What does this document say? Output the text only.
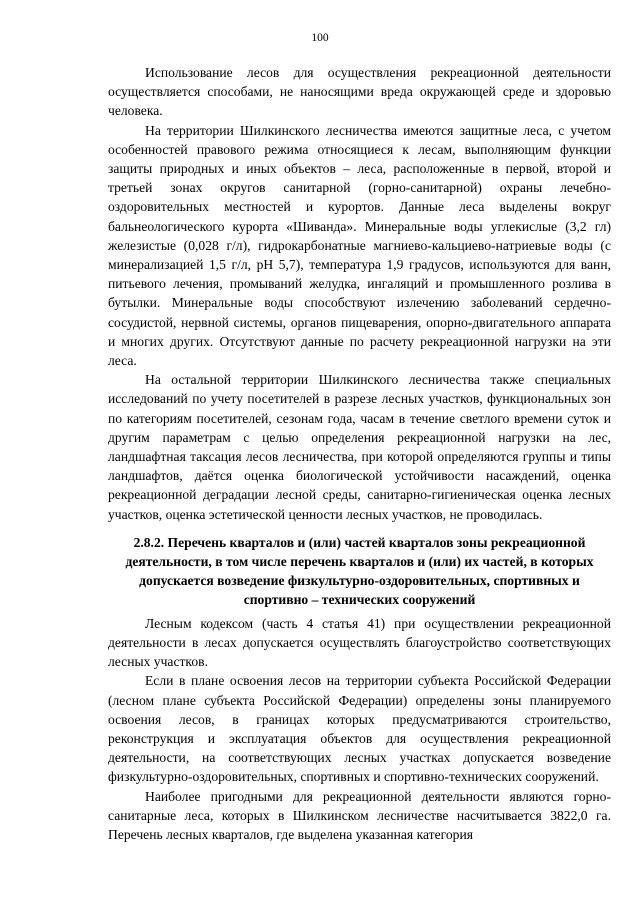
100

Использование лесов для осуществления рекреационной деятельности осуществляется способами, не наносящими вреда окружающей среде и здоровью человека.

На территории Шилкинского лесничества имеются защитные леса, с учетом особенностей правового режима относящиеся к лесам, выполняющим функции защиты природных и иных объектов – леса, расположенные в первой, второй и третьей зонах округов санитарной (горно-санитарной) охраны лечебно-оздоровительных местностей и курортов. Данные леса выделены вокруг бальнеологического курорта «Шиванда». Минеральные воды углекислые (3,2 гл) железистые (0,028 г/л), гидрокарбонатные магниево-кальциево-натриевые воды (с минерализацией 1,5 г/л, pH 5,7), температура 1,9 градусов, используются для ванн, питьевого лечения, промываний желудка, ингаляций и промышленного розлива в бутылки. Минеральные воды способствуют излечению заболеваний сердечно-сосудистой, нервной системы, органов пищеварения, опорно-двигательного аппарата и многих других. Отсутствуют данные по расчету рекреационной нагрузки на эти леса.

На остальной территории Шилкинского лесничества также специальных исследований по учету посетителей в разрезе лесных участков, функциональных зон по категориям посетителей, сезонам года, часам в течение светлого времени суток и другим параметрам с целью определения рекреационной нагрузки на лес, ландшафтная таксация лесов лесничества, при которой определяются группы и типы ландшафтов, даётся оценка биологической устойчивости насаждений, оценка рекреационной деградации лесной среды, санитарно-гигиеническая оценка лесных участков, оценка эстетической ценности лесных участков, не проводилась.

2.8.2. Перечень кварталов и (или) частей кварталов зоны рекреационной деятельности, в том числе перечень кварталов и (или) их частей, в которых допускается возведение физкультурно-оздоровительных, спортивных и спортивно – технических сооружений

Лесным кодексом (часть 4 статья 41) при осуществлении рекреационной деятельности в лесах допускается осуществлять благоустройство соответствующих лесных участков.

Если в плане освоения лесов на территории субъекта Российской Федерации (лесном плане субъекта Российской Федерации) определены зоны планируемого освоения лесов, в границах которых предусматриваются строительство, реконструкция и эксплуатация объектов для осуществления рекреационной деятельности, на соответствующих лесных участках допускается возведение физкультурно-оздоровительных, спортивных и спортивно-технических сооружений.

Наиболее пригодными для рекреационной деятельности являются горно-санитарные леса, которых в Шилкинском лесничестве насчитывается 3822,0 га. Перечень лесных кварталов, где выделена указанная категория
